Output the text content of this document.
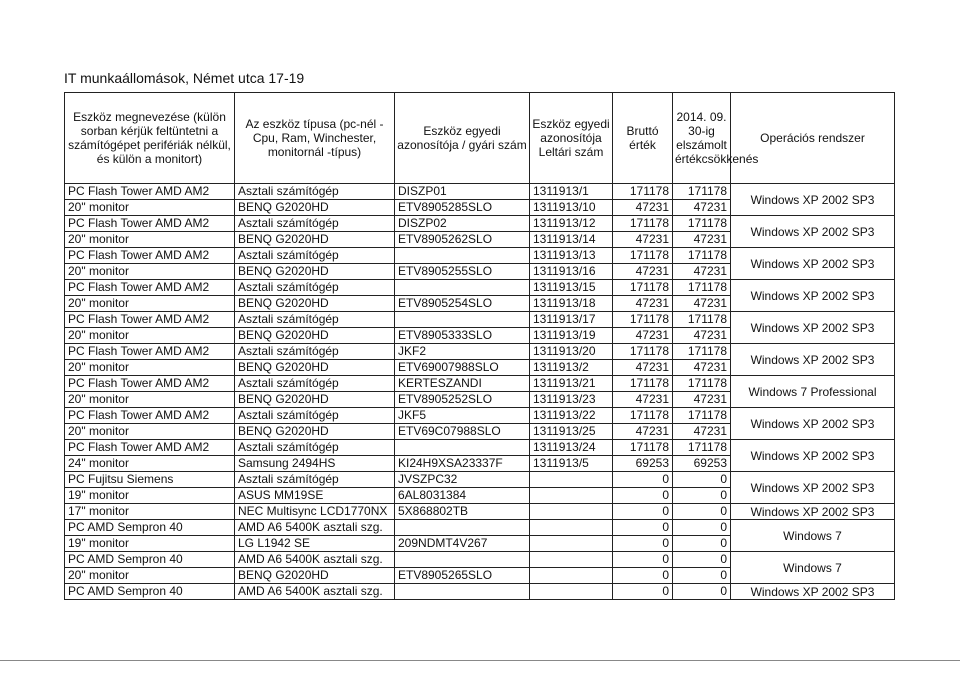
IT munkaállomások, Német utca 17-19
Eszköz megnevezése (külön sorban kérjük feltüntetni a számítógépet perifériák nélkül, és külön a monitort)	Az eszköz típusa (pc-nél - Cpu, Ram, Winchester, monitornál -típus)	Eszköz egyedi azonosítója / gyári szám	Eszköz egyedi azonosítója Leltári szám	Bruttó érték	2014. 09. 30-ig elszámolt értékcsökkenés	Operációs rendszer
PC Flash Tower AMD AM2	Asztali számítógép	DISZP01	1311913/1	171178	171178	Windows XP 2002 SP3
20" monitor	BENQ G2020HD	ETV8905285SLO	1311913/10	47231	47231	
PC Flash Tower AMD AM2	Asztali számítógép	DISZP02	1311913/12	171178	171178	Windows XP 2002 SP3
20" monitor	BENQ G2020HD	ETV8905262SLO	1311913/14	47231	47231	
PC Flash Tower AMD AM2	Asztali számítógép		1311913/13	171178	171178	Windows XP 2002 SP3
20" monitor	BENQ G2020HD	ETV8905255SLO	1311913/16	47231	47231	
PC Flash Tower AMD AM2	Asztali számítógép		1311913/15	171178	171178	Windows XP 2002 SP3
20" monitor	BENQ G2020HD	ETV8905254SLO	1311913/18	47231	47231	
PC Flash Tower AMD AM2	Asztali számítógép		1311913/17	171178	171178	Windows XP 2002 SP3
20" monitor	BENQ G2020HD	ETV8905333SLO	1311913/19	47231	47231	
PC Flash Tower AMD AM2	Asztali számítógép	JKF2	1311913/20	171178	171178	Windows XP 2002 SP3
20" monitor	BENQ G2020HD	ETV69007988SLO	1311913/2	47231	47231	
PC Flash Tower AMD AM2	Asztali számítógép	KERTESZANDI	1311913/21	171178	171178	Windows 7 Professional
20" monitor	BENQ G2020HD	ETV8905252SLO	1311913/23	47231	47231	
PC Flash Tower AMD AM2	Asztali számítógép	JKF5	1311913/22	171178	171178	Windows XP 2002 SP3
20" monitor	BENQ G2020HD	ETV69C07988SLO	1311913/25	47231	47231	
PC Flash Tower AMD AM2	Asztali számítógép		1311913/24	171178	171178	Windows XP 2002 SP3
24" monitor	Samsung 2494HS	KI24H9XSA23337F	1311913/5	69253	69253	
PC Fujitsu Siemens	Asztali számítógép	JVSZPC32		0	0	Windows XP 2002 SP3
19" monitor	ASUS MM19SE	6AL8031384		0	0	
17" monitor	NEC Multisync LCD1770NX	5X868802TB		0	0	Windows XP 2002 SP3
PC AMD Sempron 40	AMD A6 5400K asztali szg.			0	0	Windows 7
19" monitor	LG L1942 SE	209NDMT4V267		0	0	
PC AMD Sempron 40	AMD A6 5400K asztali szg.			0	0	Windows 7
20" monitor	BENQ G2020HD	ETV8905265SLO		0	0	
PC AMD Sempron 40	AMD A6 5400K asztali szg.			0	0	Windows XP 2002 SP3
